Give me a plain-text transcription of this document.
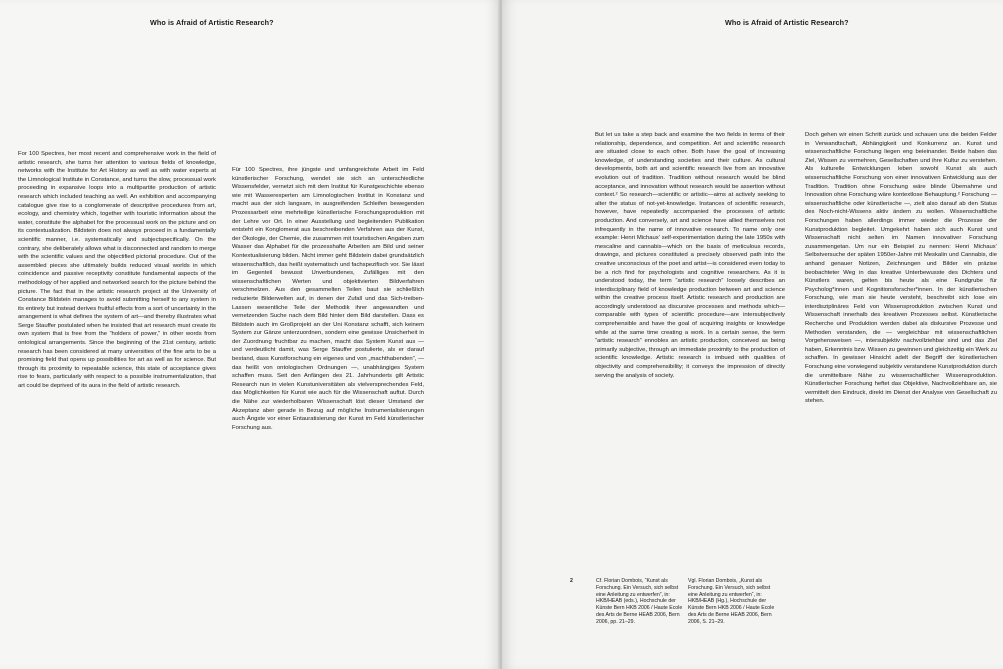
Who is Afraid of Artistic Research?

For 100 Spectres, her most recent and comprehensive work in the field of artistic research, she turns her attention to various fields of knowledge, networks with the Institute for Art History as well as with water experts at the Limnological Institute in Constance, and turns the slow, processual work proceeding in expansive loops into a multipartite production of artistic research which included teaching as well. An exhibition and accompanying catalogue give rise to a conglomerate of descriptive procedures from art, ecology, and chemistry which, together with touristic information about the water, constitute the alphabet for the processual work on the picture and on its contextualization. Bildstein does not always proceed in a fundamentally scientific manner, i.e. systematically and subjectspecifically. On the contrary, she deliberately allows what is disconnected and random to merge with the scientific values and the objectified pictorial procedure. Out of the assembled pieces she ultimately builds reduced visual worlds in which coincidence and passive receptivity constitute fundamental aspects of the methodology of her applied and networked search for the picture behind the picture. The fact that in the artistic research project at the University of Constance Bildstein manages to avoid submitting herself to any system in its entirety but instead derives fruitful effects from a sort of uncertainty in the arrangement is what defines the system of art—and thereby illustrates what Serge Stauffer postulated when he insisted that art research must create its own system that is free from the “holders of power,” in other words from ontological arrangements. Since the beginning of the 21st century, artistic research has been considered at many universities of the fine arts to be a promising field that opens up possibilities for art as well as for science. But through its proximity to repeatable science, this state of acceptance gives rise to fears, particularly with respect to a possible instrumentalization, that art could be deprived of its aura in the field of artistic research.

Für 100 Spectres, ihre jüngste und umfangreichste Arbeit im Feld künstlerischer Forschung, wendet sie sich an unterschiedliche Wissensfelder, vernetzt sich mit dem Institut für Kunstgeschichte ebenso wie mit Wasserexperten am Limnologischen Institut in Konstanz und macht aus der sich langsam, in ausgreifenden Schleifen bewegenden Prozessarbeit eine mehrteilige künstlerische Forschungsproduktion mit der Lehre vor Ort. In einer Ausstellung und begleitenden Publikation entsteht ein Konglomerat aus beschreibenden Verfahren aus der Kunst, der Ökologie, der Chemie, die zusammen mit touristischen Angaben zum Wasser das Alphabet für die prozesshafte Arbeiten am Bild und seiner Kontextualisierung bilden. Nicht immer geht Bildstein dabei grundsätzlich wissenschaftlich, das heißt systematisch und fachspezifisch vor. Sie lässt im Gegenteil bewusst Unverbundenes, Zufälliges mit den wissenschaftlichen Werten und objektivierten Bildverfahren verschmelzen. Aus den gesammelten Teilen baut sie schließlich reduzierte Bilderwelten auf, in denen der Zufall und das Sich-treiben-Lassen wesentliche Teile der Methodik ihrer angewandten und vernetzenden Suche nach dem Bild hinter dem Bild darstellen. Dass es Bildstein auch im Großprojekt an der Uni Konstanz schafft, sich keinem System zur Gänze unterzuordnen, sondern eine gewisse Unsicherheit in der Zuordnung fruchtbar zu machen, macht das System Kunst aus — und verdeutlicht damit, was Serge Stauffer postulierte, als er darauf bestand, dass Kunstforschung ein eigenes und von „machthabenden“, — das heißt von ontologischen Ordnungen —, unabhängiges System schaffen muss. Seit den Anfängen des 21. Jahrhunderts gilt Artistic Research nun in vielen Kunstuniversitäten als vielversprechendes Feld, das Möglichkeiten für Kunst wie auch für die Wissenschaft auftut. Durch die Nähe zur wiederholbaren Wissenschaft löst dieser Umstand der Akzeptanz aber gerade in Bezug auf mögliche Instrumentalisierungen auch Ängste vor einer Entauratisierung der Kunst im Feld künstlerischer Forschung aus.

Who is Afraid of Artistic Research?

But let us take a step back and examine the two fields in terms of their relationship, dependence, and competition. Art and scientific research are situated close to each other. Both have the goal of increasing knowledge, of understanding societies and their culture. As cultural developments, both art and scientific research live from an innovative evolution out of tradition. Tradition without research would be blind acceptance, and innovation without research would be assertion without context.² So research—scientific or artistic—aims at actively seeking to alter the status of not-yet-knowledge. Instances of scientific research, however, have repeatedly accompanied the processes of artistic production. And conversely, art and science have allied themselves not infrequently in the name of innovative research. To name only one example: Henri Michaux’ self-experimentation during the late 1950s with mescaline and cannabis—which on the basis of meticulous records, drawings, and pictures constituted a precisely observed path into the creative unconscious of the poet and artist—is considered even today to be a rich find for psychologists and cognitive researchers. As it is understood today, the term “artistic research” loosely describes an interdisciplinary field of knowledge production between art and science within the creative process itself. Artistic research and production are accordingly understood as discursive processes and methods which—comparable with types of scientific procedure—are intersubjectively comprehensible and have the goal of acquiring insights or knowledge while at the same time creating a work. In a certain sense, the term “artistic research” ennobles an artistic production, conceived as being primarily subjective, through an immediate proximity to the production of scientific knowledge. Artistic research is imbued with qualities of objectivity and comprehensibility; it conveys the impression of directly serving the analysis of society.

Doch gehen wir einen Schritt zurück und schauen uns die beiden Felder in Verwandtschaft, Abhängigkeit und Konkurrenz an. Kunst und wissenschaftliche Forschung liegen eng beieinander. Beide haben das Ziel, Wissen zu vermehren, Gesellschaften und ihre Kultur zu verstehen. Als kulturelle Entwicklungen leben sowohl Kunst als auch wissenschaftliche Forschung von einer innovativen Entwicklung aus der Tradition. Tradition ohne Forschung wäre blinde Übernahme und Innovation ohne Forschung wäre kontextlose Behauptung.² Forschung — wissenschaftliche oder künstlerische —, zielt also darauf ab den Status des Noch-nicht-Wissens aktiv ändern zu wollen. Wissenschaftliche Forschungen haben allerdings immer wieder die Prozesse der Kunstproduktion begleitet. Umgekehrt haben sich auch Kunst und Wissenschaft nicht selten im Namen innovativer Forschung zusammengetan. Um nur ein Beispiel zu nennen: Henri Michaux’ Selbstversuche der späten 1950er-Jahre mit Meskalin und Cannabis, die anhand genauer Notizen, Zeichnungen und Bilder ein präzise beobachteter Weg in das kreative Unterbewusste des Dichters und Künstlers waren, gelten bis heute als eine Fundgrube für Psycholog*innen und Kognitionsforscher*innen. In der künstlerischen Forschung, wie man sie heute versteht, beschreibt sich lose ein interdisziplinäres Feld von Wissensproduktion zwischen Kunst und Wissenschaft innerhalb des kreativen Prozesses selbst. Künstlerische Recherche und Produktion werden dabei als diskursive Prozesse und Methoden verstanden, die — vergleichbar mit wissenschaftlichen Vorgehensweisen —, intersubjektiv nachvollziehbar sind und das Ziel haben, Erkenntnis bzw. Wissen zu gewinnen und gleichzeitig ein Werk zu schaffen. In gewisser Hinsicht adelt der Begriff der künstlerischen Forschung eine vorwiegend subjektiv verstandene Kunstproduktion durch die unmittelbare Nähe zu wissenschaftlicher Wissensproduktion. Künstlerischer Forschung heftet das Objektive, Nachvollziehbare an, sie vermittelt den Eindruck, direkt im Dienst der Analyse von Gesellschaft zu stehen.

2	Cf. Florian Dombois, “Kunst als Forschung. Ein Versuch, sich selbst eine Anleitung zu entwerfen”, in: HKB/HEAB (eds.), Hochschule der Künste Bern HKB 2006 / Haute Ecole des Arts de Berne HEAB 2006, Bern 2006, pp. 21–29.
Vgl. Florian Dombois, „Kunst als Forschung. Ein Versuch, sich selbst eine Anleitung zu entwerfen“, in: HKB/HEAB (Hg.), Hochschule der Künste Bern HKB 2006 / Haute Ecole des Arts de Berne HEAB 2006, Bern 2006, S. 21–29.
